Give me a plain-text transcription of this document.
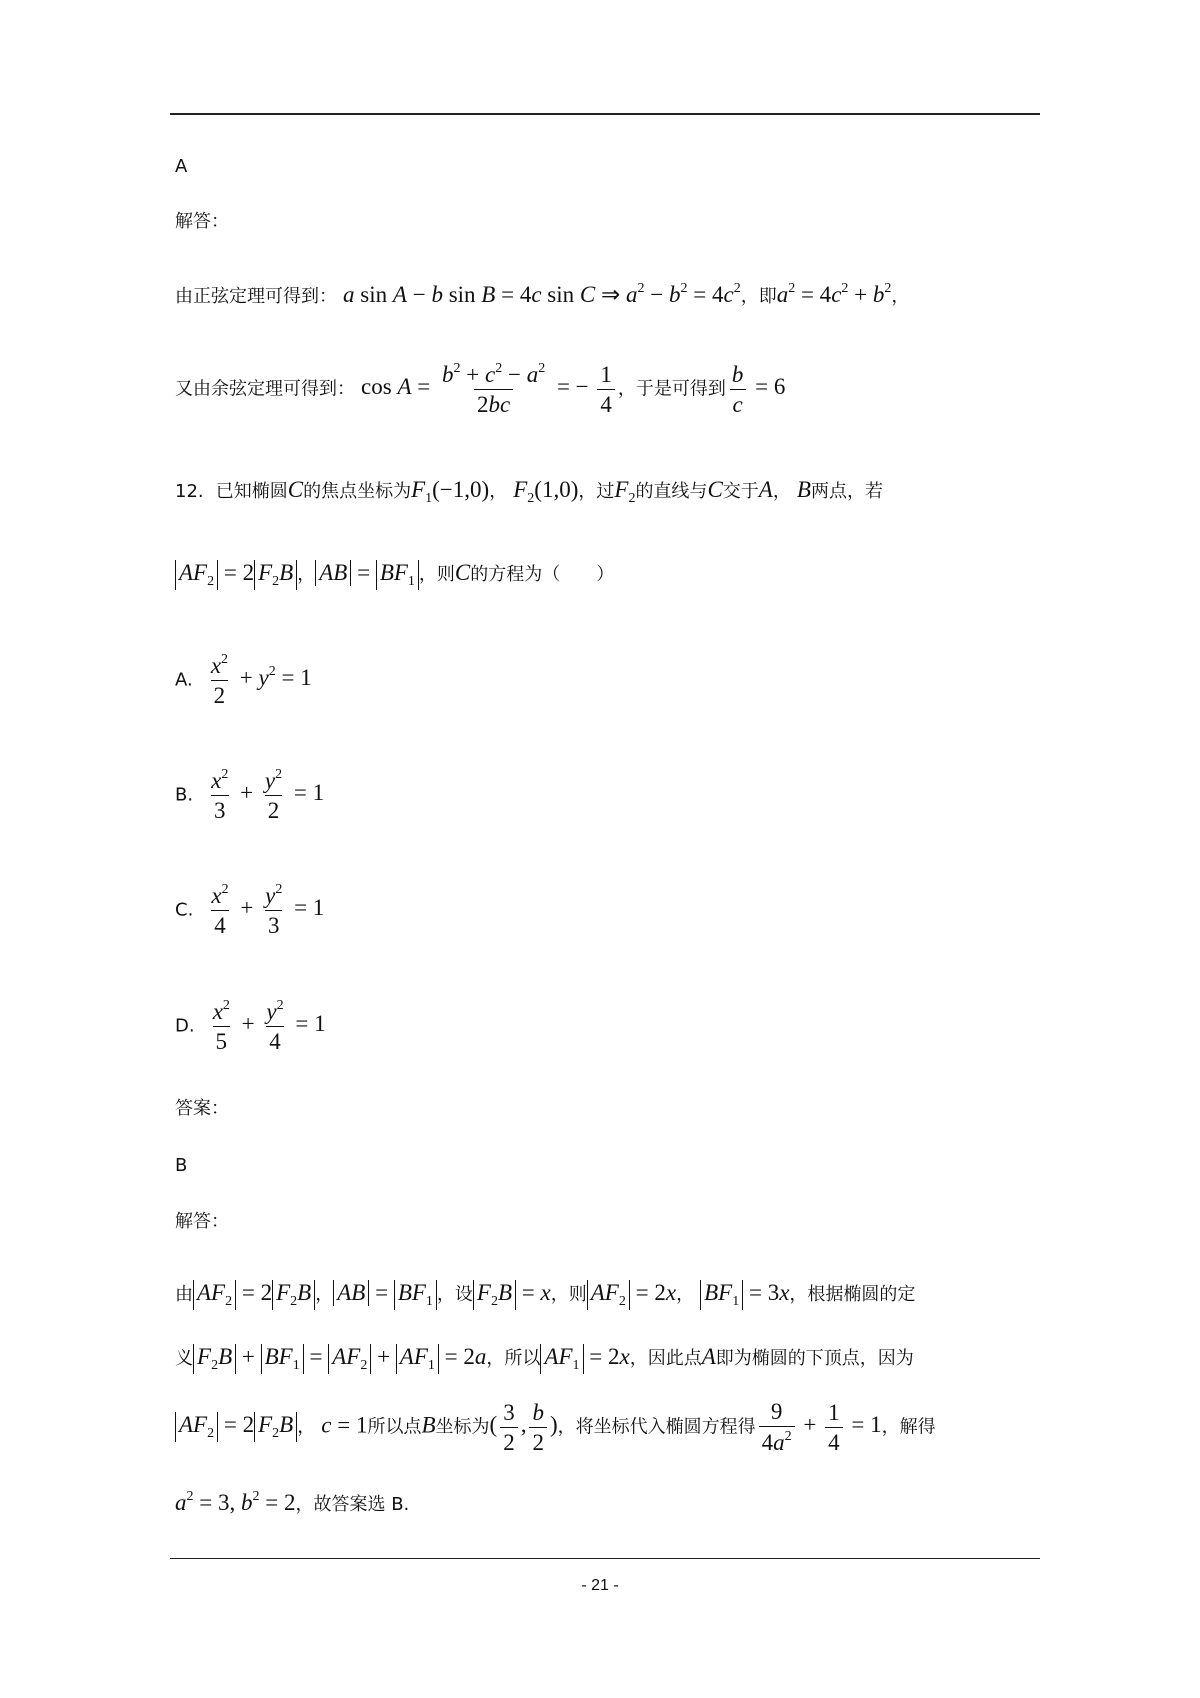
A
解答：
由正弦定理可得到： a sin A − b sin B = 4c sin C ⇒ $a^2 - b^2 = 4c^2$，即$a^2 = 4c^2 + b^2$，
又由余弦定理可得到： $\cos A = \frac{b^2 + c^2 - a^2}{2bc}$ = − $\frac{1}{4}$ ，于是可得到 $\frac{b}{c} = 6$
12. 已知椭圆C的焦点坐标为$F_1(-1,0)$， $F_2(1,0)$，过$F_2$的直线与C交于A， B两点，若
$AF_2 = 2$ $F_2B$ ， AB = $BF_1$ ，则C的方程为（　　）
A. $\frac{x^2}{2} + y^2 = 1$
B. $\frac{x^2}{3} + \frac{y^2}{2} = 1$
C. $\frac{x^2}{4} + \frac{y^2}{3} = 1$
D. $\frac{x^2}{5} + \frac{y^2}{4} = 1$
答案：
B
解答：
由 $AF_2 = 2$ $F_2B$ ， AB = $BF_1$ ，设 $F_2B = x$，则 $AF_2 = 2x$， $BF_1 = 3x$，根据椭圆的定
义 $F_2B + BF_1 = AF_2 + AF_1 = 2a$，所以 $AF_1 = 2x$，因此点A即为椭圆的下顶点，因为
$AF_2 = 2$ $F_2B$ ， c = 1所以点B坐标为( $\frac{3}{2}$ , $\frac{b}{2}$ )，将坐标代入椭圆方程得 $\frac{9}{4a^2} + \frac{1}{4} = 1$，解得
$a^2 = 3$, $b^2 = 2$，故答案选 B.
- 21 -
